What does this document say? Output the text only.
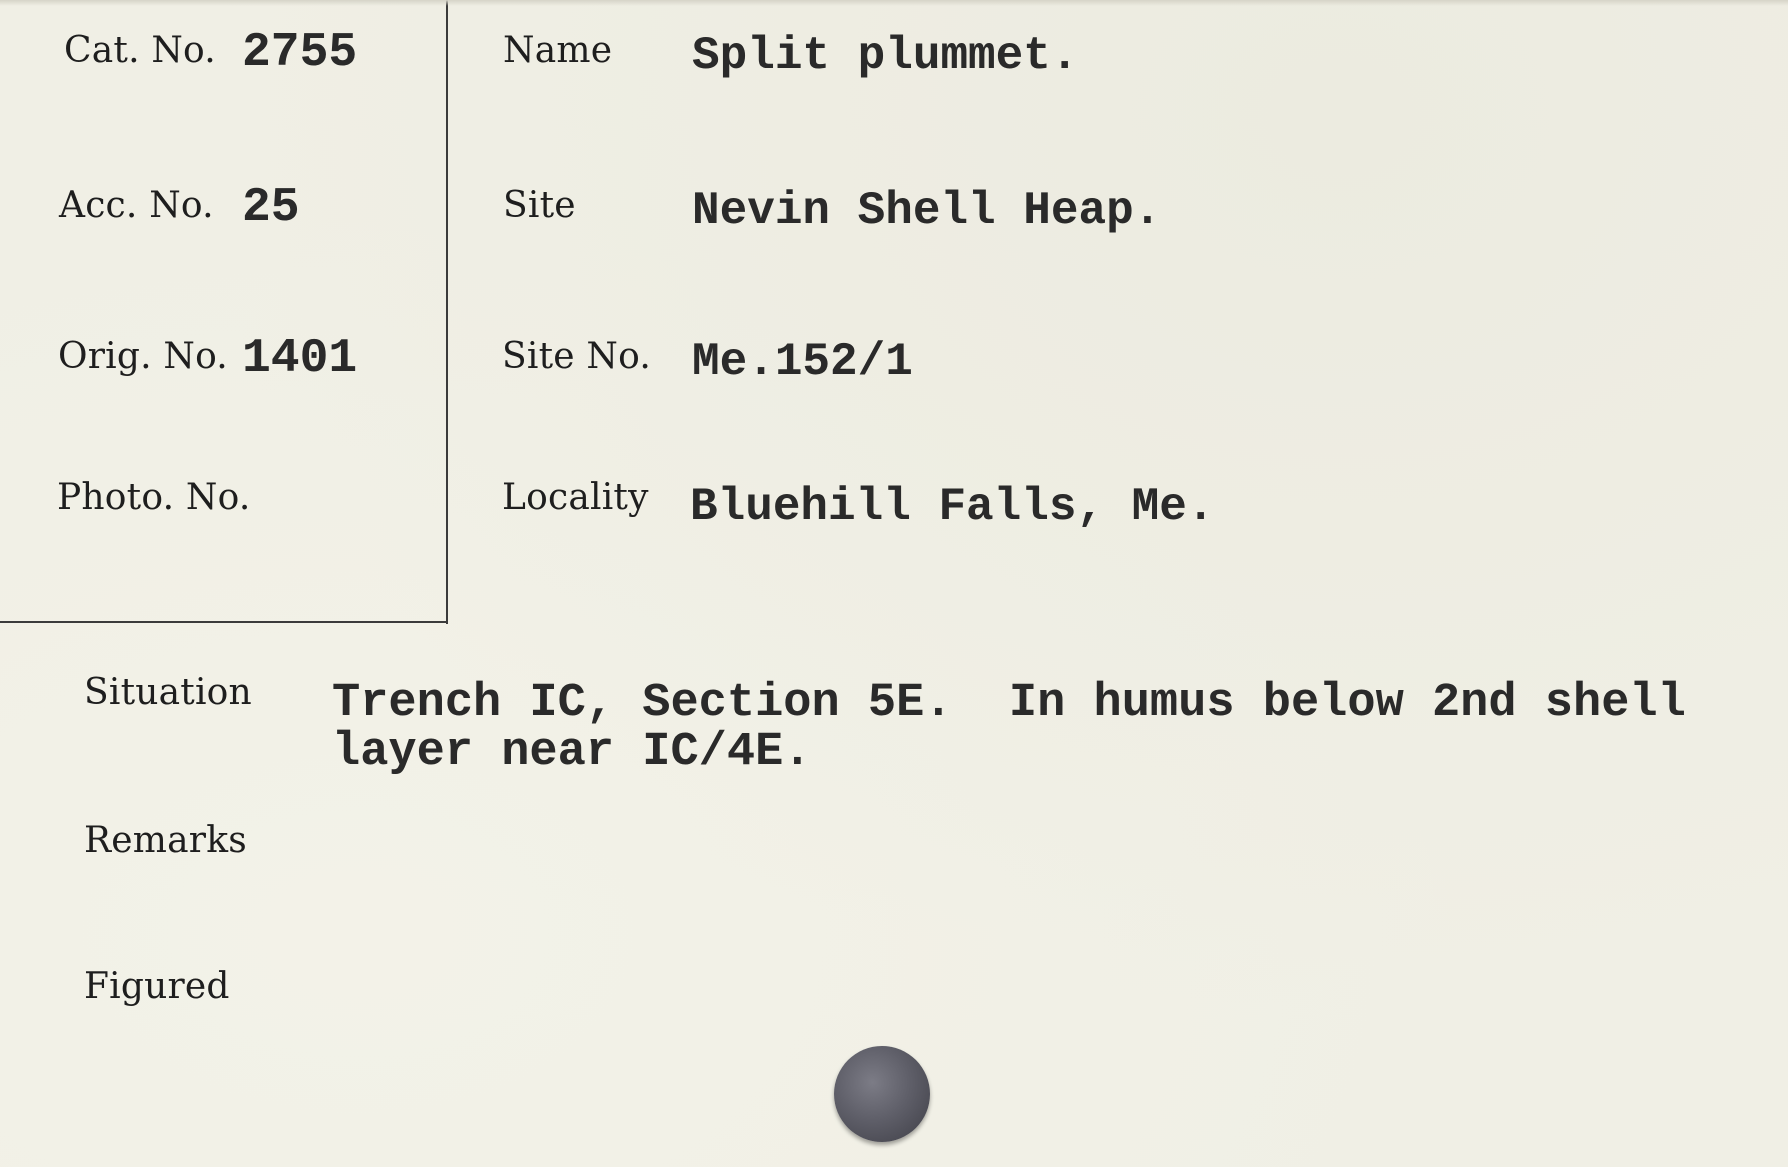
Cat. No. 2755
Acc. No. 25
Orig. No. 1401
Photo. No.
Name Split plummet.
Site	Nevin Shell Heap.
Site No. Me.152/1
Locality Bluehill Falls, Me.
Situation Trench IC, Section 5E.  In humus below 2nd shell
layer near IC/4E.
Remarks
Figured
